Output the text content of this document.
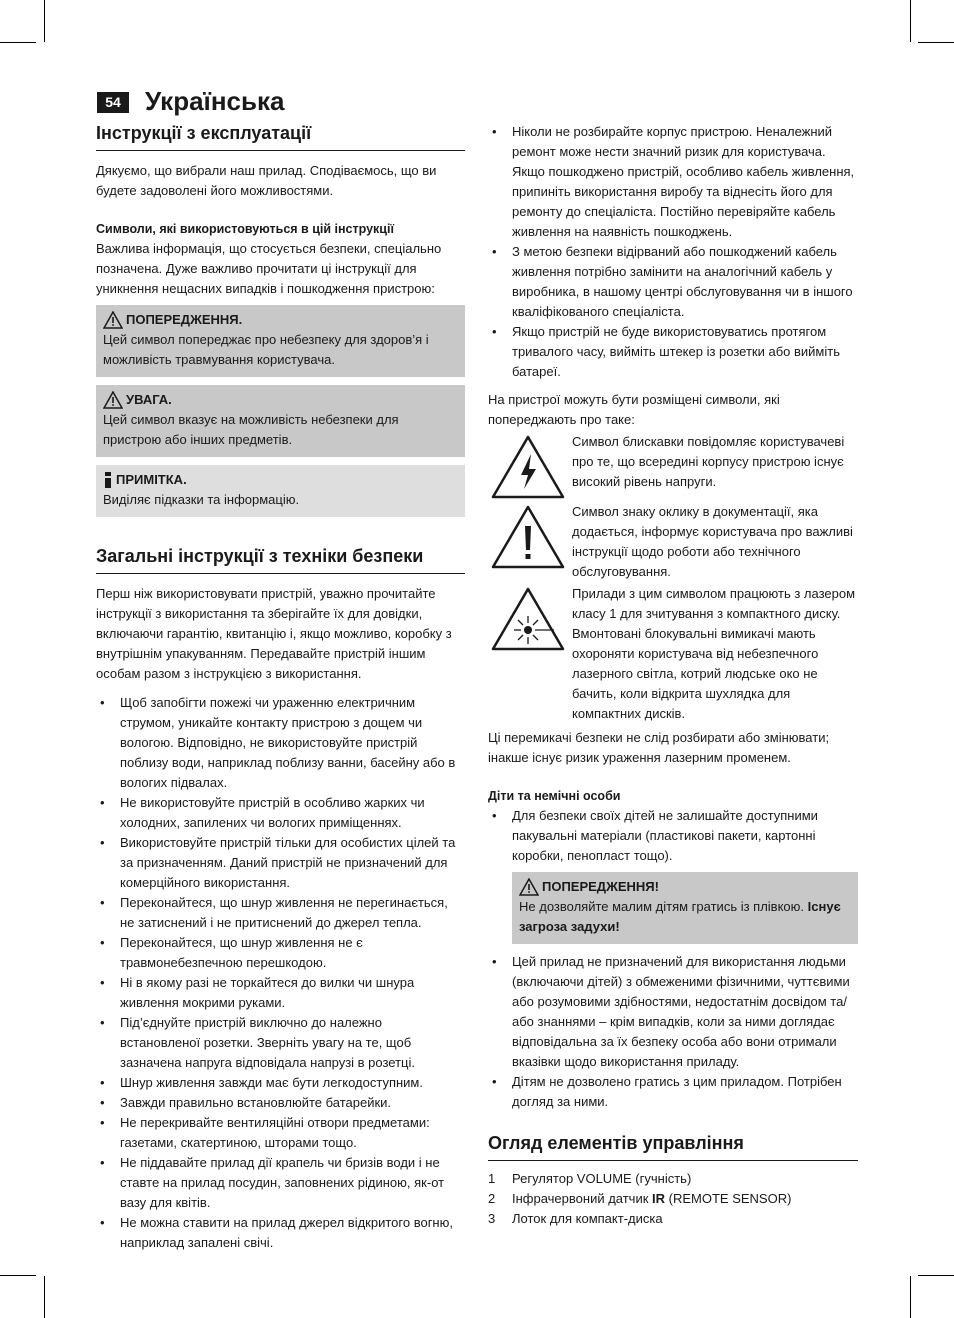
54 Українська
Інструкції з експлуатації

Дякуємо, що вибрали наш прилад. Сподіваємось, що ви будете задоволені його можливостями.

Символи, які використовуються в цій інструкції

Важлива інформація, що стосується безпеки, спеціально позначена. Дуже важливо прочитати ці інструкції для уникнення нещасних випадків і пошкодження пристрою:

ПОПЕРЕДЖЕННЯ.
Цей символ попереджає про небезпеку для здоров’я і можливість травмування користувача.
УВАГА.
Цей символ вказує на можливість небезпеки для пристрою або інших предметів.
ПРИМІТКА.
Виділяє підказки та інформацію.
Загальні інструкції з техніки безпеки

Перш ніж використовувати пристрій, уважно прочитайте інструкції з використання та зберігайте їх для довідки, включаючи гарантію, квитанцію і, якщо можливо, коробку з внутрішнім упакуванням. Передавайте пристрій іншим особам разом з інструкцією з використання.

• Щоб запобігти пожежі чи ураженню електричним струмом, уникайте контакту пристрою з дощем чи вологою. Відповідно, не використовуйте пристрій поблизу води, наприклад поблизу ванни, басейну або в вологих підвалах.
• Не використовуйте пристрій в особливо жарких чи холодних, запилених чи вологих приміщеннях.
• Використовуйте пристрій тільки для особистих цілей та за призначенням. Даний пристрій не призначений для комерційного використання.
• Переконайтеся, що шнур живлення не перегинається, не затиснений і не притиснений до джерел тепла.
• Переконайтеся, що шнур живлення не є травмонебезпечною перешкодою.
• Ні в якому разі не торкайтеся до вилки чи шнура живлення мокрими руками.
• Під’єднуйте пристрій виключно до належно встановленої розетки. Зверніть увагу на те, щоб зазначена напруга відповідала напрузі в розетці.
• Шнур живлення завжди має бути легкодоступним.
• Завжди правильно встановлюйте батарейки.
• Не перекривайте вентиляційні отвори предметами: газетами, скатертиною, шторами тощо.
• Не піддавайте прилад дії крапель чи бризів води і не ставте на прилад посудин, заповнених рідиною, як-от вазу для квітів.
• Не можна ставити на прилад джерел відкритого вогню, наприклад запалені свічі.
• Ніколи не розбирайте корпус пристрою. Неналежний ремонт може нести значний ризик для користувача. Якщо пошкоджено пристрій, особливо кабель живлення, припиніть використання виробу та віднесіть його для ремонту до спеціаліста. Постійно перевіряйте кабель живлення на наявність пошкоджень.
• З метою безпеки відірваний або пошкоджений кабель живлення потрібно замінити на аналогічний кабель у виробника, в нашому центрі обслуговування чи в іншого кваліфікованого спеціаліста.
• Якщо пристрій не буде використовуватись протягом тривалого часу, вийміть штекер із розетки або вийміть батареї.

На пристрої можуть бути розміщені символи, які попереджають про таке:

Символ блискавки повідомляє користувачеві про те, що всередині корпусу пристрою існує високий рівень напруги.
Символ знаку оклику в документації, яка додається, інформує користувача про важливі інструкції щодо роботи або технічного обслуговування.
Прилади з цим символом працюють з лазером класу 1 для зчитування з компактного диску. Вмонтовані блокувальні вимикачі мають охороняти користувача від небезпечного лазерного світла, котрий людське око не бачить, коли відкрита шухлядка для компактних дисків.

Ці перемикачі безпеки не слід розбирати або змінювати; інакше існує ризик ураження лазерним променем.

Діти та немічні особи
• Для безпеки своїх дітей не залишайте доступними пакувальні матеріали (пластикові пакети, картонні коробки, пенопласт тощо).
ПОПЕРЕДЖЕННЯ!
Не дозволяйте малим дітям гратись із плівкою. Існує загроза задухи!
• Цей прилад не призначений для використання людьми (включаючи дітей) з обмеженими фізичними, чуттєвими або розумовими здібностями, недостатнім досвідом та/або знаннями – крім випадків, коли за ними доглядає відповідальна за їх безпеку особа або вони отримали вказівки щодо використання приладу.
• Дітям не дозволено гратись з цим приладом. Потрібен догляд за ними.
Огляд елементів управління
1	Регулятор VOLUME (гучність)
2	Інфрачервоний датчик IR (REMOTE SENSOR)
3	Лоток для компакт-диска
